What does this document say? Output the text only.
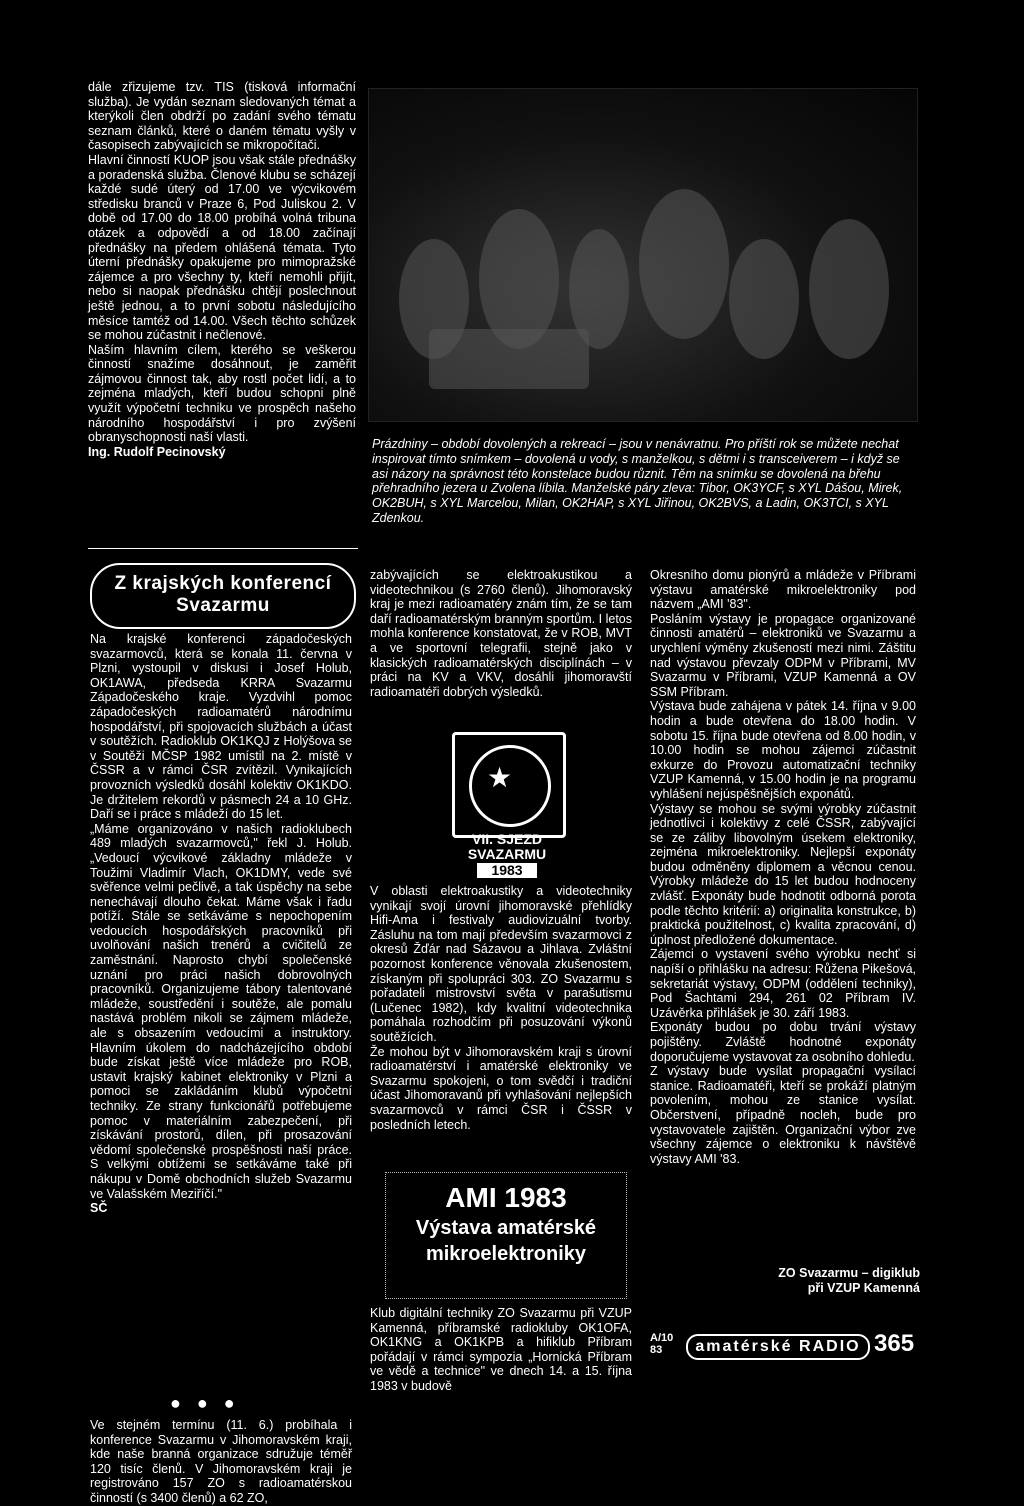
dále zřizujeme tzv. TIS (tisková informační služba). Je vydán seznam sledovaných témat a kterýkoli člen obdrží po zadání svého tématu seznam článků, které o daném tématu vyšly v časopisech zabývajících se mikropočítači.
Hlavní činností KUOP jsou však stále přednášky a poradenská služba. Členové klubu se scházejí každé sudé úterý od 17.00 ve výcvikovém středisku branců v Praze 6, Pod Juliskou 2. V době od 17.00 do 18.00 probíhá volná tribuna otázek a odpovědí a od 18.00 začínají přednášky na předem ohlášená témata. Tyto úterní přednášky opakujeme pro mimopražské zájemce a pro všechny ty, kteří nemohli přijít, nebo si naopak přednášku chtějí poslechnout ještě jednou, a to první sobotu následujícího měsíce tamtéž od 14.00. Všech těchto schůzek se mohou zúčastnit i nečlenové.
Naším hlavním cílem, kterého se veškerou činností snažíme dosáhnout, je zaměřit zájmovou činnost tak, aby rostl počet lidí, a to zejména mladých, kteří budou schopni plně využít výpočetní techniku ve prospěch našeho národního hospodářství i pro zvýšení obranyschopnosti naší vlasti.

Ing. Rudolf Pecinovský

Prázdniny – období dovolených a rekreací – jsou v nenávratnu. Pro příští rok se můžete nechat inspirovat tímto snímkem – dovolená u vody, s manželkou, s dětmi i s transceiverem – i když se asi názory na správnost této konstelace budou různit. Těm na snímku se dovolená na břehu přehradního jezera u Zvolena líbila. Manželské páry zleva: Tibor, OK3YCF, s XYL Dášou, Mirek, OK2BUH, s XYL Marcelou, Milan, OK2HAP, s XYL Jiřinou, OK2BVS, a Ladin, OK3TCI, s XYL Zdenkou.
Z krajských konferencí
Svazarmu

Na krajské konferenci západočeských svazarmovců, která se konala 11. června v Plzni, vystoupil v diskusi i Josef Holub, OK1AWA, předseda KRRA Svazarmu Západočeského kraje. Vyzdvihl pomoc západočeských radioamatérů národnímu hospodářství, při spojovacích službách a účast v soutěžích. Radioklub OK1KQJ z Holýšova se v Soutěži MČSP 1982 umístil na 2. místě v ČSSR a v rámci ČSR zvítězil. Vynikajících provozních výsledků dosáhl kolektiv OK1KDO. Je držitelem rekordů v pásmech 24 a 10 GHz. Daří se i práce s mládeží do 15 let.
„Máme organizováno v našich radioklubech 489 mladých svazarmovců," řekl J. Holub. „Vedoucí výcvikové základny mládeže v Toužimi Vladimír Vlach, OK1DMY, vede své svěřence velmi pečlivě, a tak úspěchy na sebe nenechávají dlouho čekat. Máme však i řadu potíží. Stále se setkáváme s nepochopením vedoucích hospodářských pracovníků při uvolňování našich trenérů a cvičitelů ze zaměstnání. Naprosto chybí společenské uznání pro práci našich dobrovolných pracovníků. Organizujeme tábory talentované mládeže, soustředění i soutěže, ale pomalu nastává problém nikoli se zájmem mládeže, ale s obsazením vedoucími a instruktory. Hlavním úkolem do nadcházejícího období bude získat ještě více mládeže pro ROB, ustavit krajský kabinet elektroniky v Plzni a pomoci se zakládáním klubů výpočetní techniky. Ze strany funkcionářů potřebujeme pomoc v materiálním zabezpečení, při získávání prostorů, dílen, při prosazování vědomí společenské prospěšnosti naší práce. S velkými obtížemi se setkáváme také při nákupu v Domě obchodních služeb Svazarmu ve Valašském Meziříčí."

SČ

●●●

Ve stejném termínu (11. 6.) probíhala i konference Svazarmu v Jihomoravském kraji, kde naše branná organizace sdružuje téměř 120 tisíc členů. V Jihomoravském kraji je registrováno 157 ZO s radioamatérskou činností (s 3400 členů) a 62 ZO,

zabývajících se elektroakustikou a videotechnikou (s 2760 členů). Jihomoravský kraj je mezi radioamatéry znám tím, že se tam daří radioamatérským branným sportům. I letos mohla konference konstatovat, že v ROB, MVT a ve sportovní telegrafii, stejně jako v klasických radioamatérských disciplínách – v práci na KV a VKV, dosáhli jihomoravští radioamatéři dobrých výsledků.

★
VII. SJEZD
SVAZARMU
1983

V oblasti elektroakustiky a videotechniky vynikají svojí úrovní jihomoravské přehlídky Hifi-Ama i festivaly audiovizuální tvorby. Zásluhu na tom mají především svazarmovci z okresů Žďár nad Sázavou a Jihlava. Zvláštní pozornost konference věnovala zkušenostem, získaným při spolupráci 303. ZO Svazarmu s pořadateli mistrovství světa v parašutismu (Lučenec 1982), kdy kvalitní videotechnika pomáhala rozhodčím při posuzování výkonů soutěžících.
Že mohou být v Jihomoravském kraji s úrovní radioamatérství i amatérské elektroniky ve Svazarmu spokojeni, o tom svědčí i tradiční účast Jihomoravanů při vyhlašování nejlepších svazarmovců v rámci ČSR i ČSSR v posledních letech.

AMI 1983
Výstava amatérské
mikroelektroniky

Klub digitální techniky ZO Svazarmu při VZUP Kamenná, příbramské radiokluby OK1OFA, OK1KNG a OK1KPB a hifiklub Příbram pořádají v rámci sympozia „Hornická Příbram ve vědě a technice" ve dnech 14. a 15. října 1983 v budově

Okresního domu pionýrů a mládeže v Příbrami výstavu amatérské mikroelektroniky pod názvem „AMI '83".
Posláním výstavy je propagace organizované činnosti amatérů – elektroniků ve Svazarmu a urychlení výměny zkušeností mezi nimi. Záštitu nad výstavou převzaly ODPM v Příbrami, MV Svazarmu v Příbrami, VZUP Kamenná a OV SSM Příbram.
Výstava bude zahájena v pátek 14. října v 9.00 hodin a bude otevřena do 18.00 hodin. V sobotu 15. října bude otevřena od 8.00 hodin, v 10.00 hodin se mohou zájemci zúčastnit exkurze do Provozu automatizační techniky VZUP Kamenná, v 15.00 hodin je na programu vyhlášení nejúspěšnějších exponátů.
Výstavy se mohou se svými výrobky zúčastnit jednotlivci i kolektivy z celé ČSSR, zabývající se ze záliby libovolným úsekem elektroniky, zejména mikroelektroniky. Nejlepší exponáty budou odměněny diplomem a věcnou cenou. Výrobky mládeže do 15 let budou hodnoceny zvlášť. Exponáty bude hodnotit odborná porota podle těchto kritérií: a) originalita konstrukce, b) praktická použitelnost, c) kvalita zpracování, d) úplnost předložené dokumentace.
Zájemci o vystavení svého výrobku nechť si napíší o přihlášku na adresu: Růžena Pikešová, sekretariát výstavy, ODPM (oddělení techniky), Pod Šachtami 294, 261 02 Příbram IV. Uzávěrka přihlášek je 30. září 1983.
Exponáty budou po dobu trvání výstavy pojištěny. Zvláště hodnotné exponáty doporučujeme vystavovat za osobního dohledu.
Z výstavy bude vysílat propagační vysílací stanice. Radioamatéři, kteří se prokáží platným povolením, mohou ze stanice vysílat. Občerstvení, případně nocleh, bude pro vystavovatele zajištěn. Organizační výbor zve všechny zájemce o elektroniku k návštěvě výstavy AMI '83.

ZO Svazarmu – digiklub
při VZUP Kamenná
A/10
83	amatérské RADIO 365
